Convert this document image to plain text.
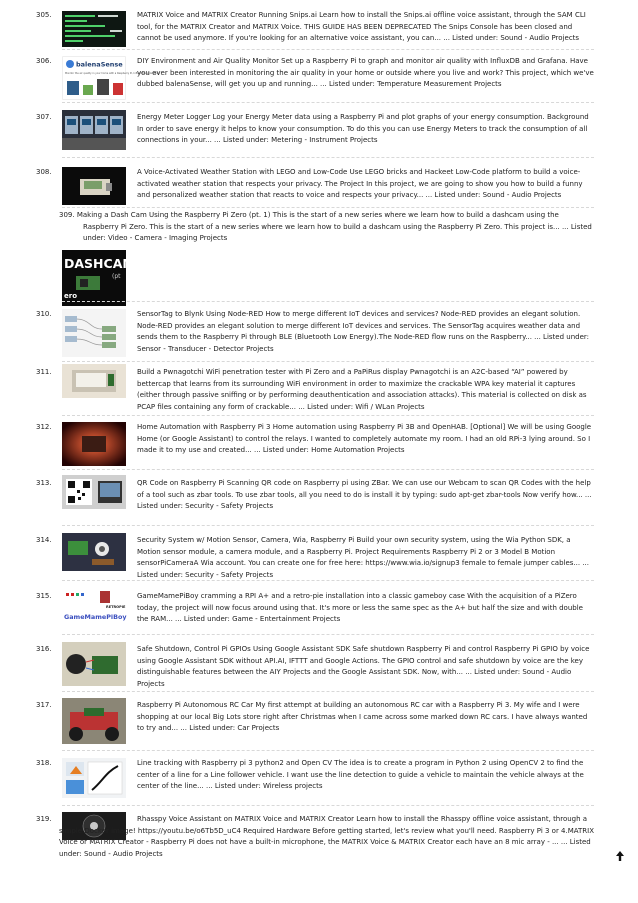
305.	MATRIX Voice and MATRIX Creator Running Snips.ai Learn how to install the Snips.ai offline voice assistant, through the SAM CLI tool, for the MATRIX Creator and MATRIX Voice. THIS GUIDE HAS BEEN DEPRECATED The Snips Console has been closed and cannot be used anymore. If you're looking for an alternative voice assistant, you can... ... Listed under: Sound - Audio Projects
306.	balenaSense
Monitor the air quality in your home with a Raspberry Pi, InfluxDB and Grafana
DIY Environment and Air Quality Monitor Set up a Raspberry Pi to graph and monitor air quality with InfluxDB and Grafana. Have you ever been interested in monitoring the air quality in your home or outside where you live and work? This project, which we've dubbed balenaSense, will get you up and running... ... Listed under: Temperature Measurement Projects
307.	Energy Meter Logger Log your Energy Meter data using a Raspberry Pi and plot graphs of your energy consumption. Background In order to save energy it helps to know your consumption. To do this you can use Energy Meters to track the consumption of all connections in your... ... Listed under: Metering - Instrument Projects
308.	A Voice-Activated Weather Station with LEGO and Low-Code Use LEGO bricks and Hackeet Low-Code platform to build a voice-activated weather station that respects your privacy. The Project In this project, we are going to show you how to build a funny and personalized weather station that reacts to voice and respects your privacy... ... Listed under: Sound - Audio Projects
309. Making a Dash Cam Using the Raspberry Pi Zero (pt. 1) This is the start of a new series where we learn how to build a dashcam using the Raspberry Pi Zero. This is the start of a new series where we learn how to build a dashcam using the Raspberry Pi Zero. This project is... ... Listed under: Video - Camera - Imaging Projects
DASHCAM
(pt
ero
310.	SensorTag to Blynk Using Node-RED How to merge different IoT devices and services? Node-RED provides an elegant solution. Node-RED provides an elegant solution to merge different IoT devices and services. The SensorTag acquires weather data and sends them to the Raspberry Pi through BLE (Bluetooth Low Energy).The Node-RED flow runs on the Raspberry... ... Listed under: Sensor - Transducer - Detector Projects
311.	Build a Pwnagotchi WiFi penetration tester with Pi Zero and a PaPiRus display Pwnagotchi is an A2C-based “AI” powered by bettercap that learns from its surrounding WiFi environment in order to maximize the crackable WPA key material it captures (either through passive sniffing or by performing deauthentication and association attacks). This material is collected on disk as PCAP files containing any form of crackable... ... Listed under: Wifi / WLan Projects
312.	Home Automation with Raspberry Pi 3 Home automation using Raspberry Pi 3B and OpenHAB. [Optional] We will be using Google Home (or Google Assistant) to control the relays. I wanted to completely automate my room. I had an old RPi-3 lying around. So I made it to my use and created... ... Listed under: Home Automation Projects
313.	QR Code on Raspberry Pi Scanning QR code on Raspberry pi using ZBar. We can use our Webcam to scan QR Codes with the help of a tool such as zbar tools. To use zbar tools, all you need to do is install it by typing: sudo apt-get zbar-tools Now verify how... ... Listed under: Security - Safety Projects
314.	Security System w/ Motion Sensor, Camera, Wia, Raspberry Pi Build your own security system, using the Wia Python SDK, a Motion sensor module, a camera module, and a Raspberry Pi. Project Requirements Raspberry Pi 2 or 3 Model B Motion sensorPiCameraA Wia account. You can create one for free here: https://www.wia.io/signup3 female to female jumper cables... ... Listed under: Security - Safety Projects
315.
RETROPIE
GameMamePiBoy
GameMamePiBoy cramming a RPI A+ and a retro-pie installation into a classic gameboy case With the acquisition of a PiZero today, the project will now focus around using that. It's more or less the same spec as the A+ but half the size and with double the RAM... ... Listed under: Game - Entertainment Projects
316.	Safe Shutdown, Control Pi GPIOs Using Google Assistant SDK Safe shutdown Raspberry Pi and control Raspberry Pi GPIO by voice using Google Assistant SDK without API.AI, IFTTT and Google Actions. The GPIO control and safe shutdown by voice are the key distinguishable features between the AIY Projects and the Google Assistant SDK. Now, with... ... Listed under: Sound - Audio Projects
317.	Raspberry Pi Autonomous RC Car My first attempt at building an autonomous RC car with a Raspberry Pi 3. My wife and I were shopping at our local Big Lots store right after Christmas when I came across some marked down RC cars. I have always wanted to try and... ... Listed under: Car Projects
318.	Line tracking with Raspberry pi 3 python2 and Open CV The idea is to create a program in Python 2 using OpenCV 2 to find the center of a line for a Line follower vehicle. I want use the line detection to guide a vehicle to maintain the vehicle always at the center of the line... ... Listed under: Wireless projects
319.	Rhasspy Voice Assistant on MATRIX Voice and MATRIX Creator Learn how to install the Rhasspy offline voice assistant, through a simple Docker image! https://youtu.be/o6Tb5D_uC4 Required Hardware Before getting started, let's review what you'll need. Raspberry Pi 3 or 4.MATRIX Voice or MATRIX Creator - Raspberry Pi does not have a built-in microphone, the MATRIX Voice & MATRIX Creator each have an 8 mic array - ... ... Listed under: Sound - Audio Projects
